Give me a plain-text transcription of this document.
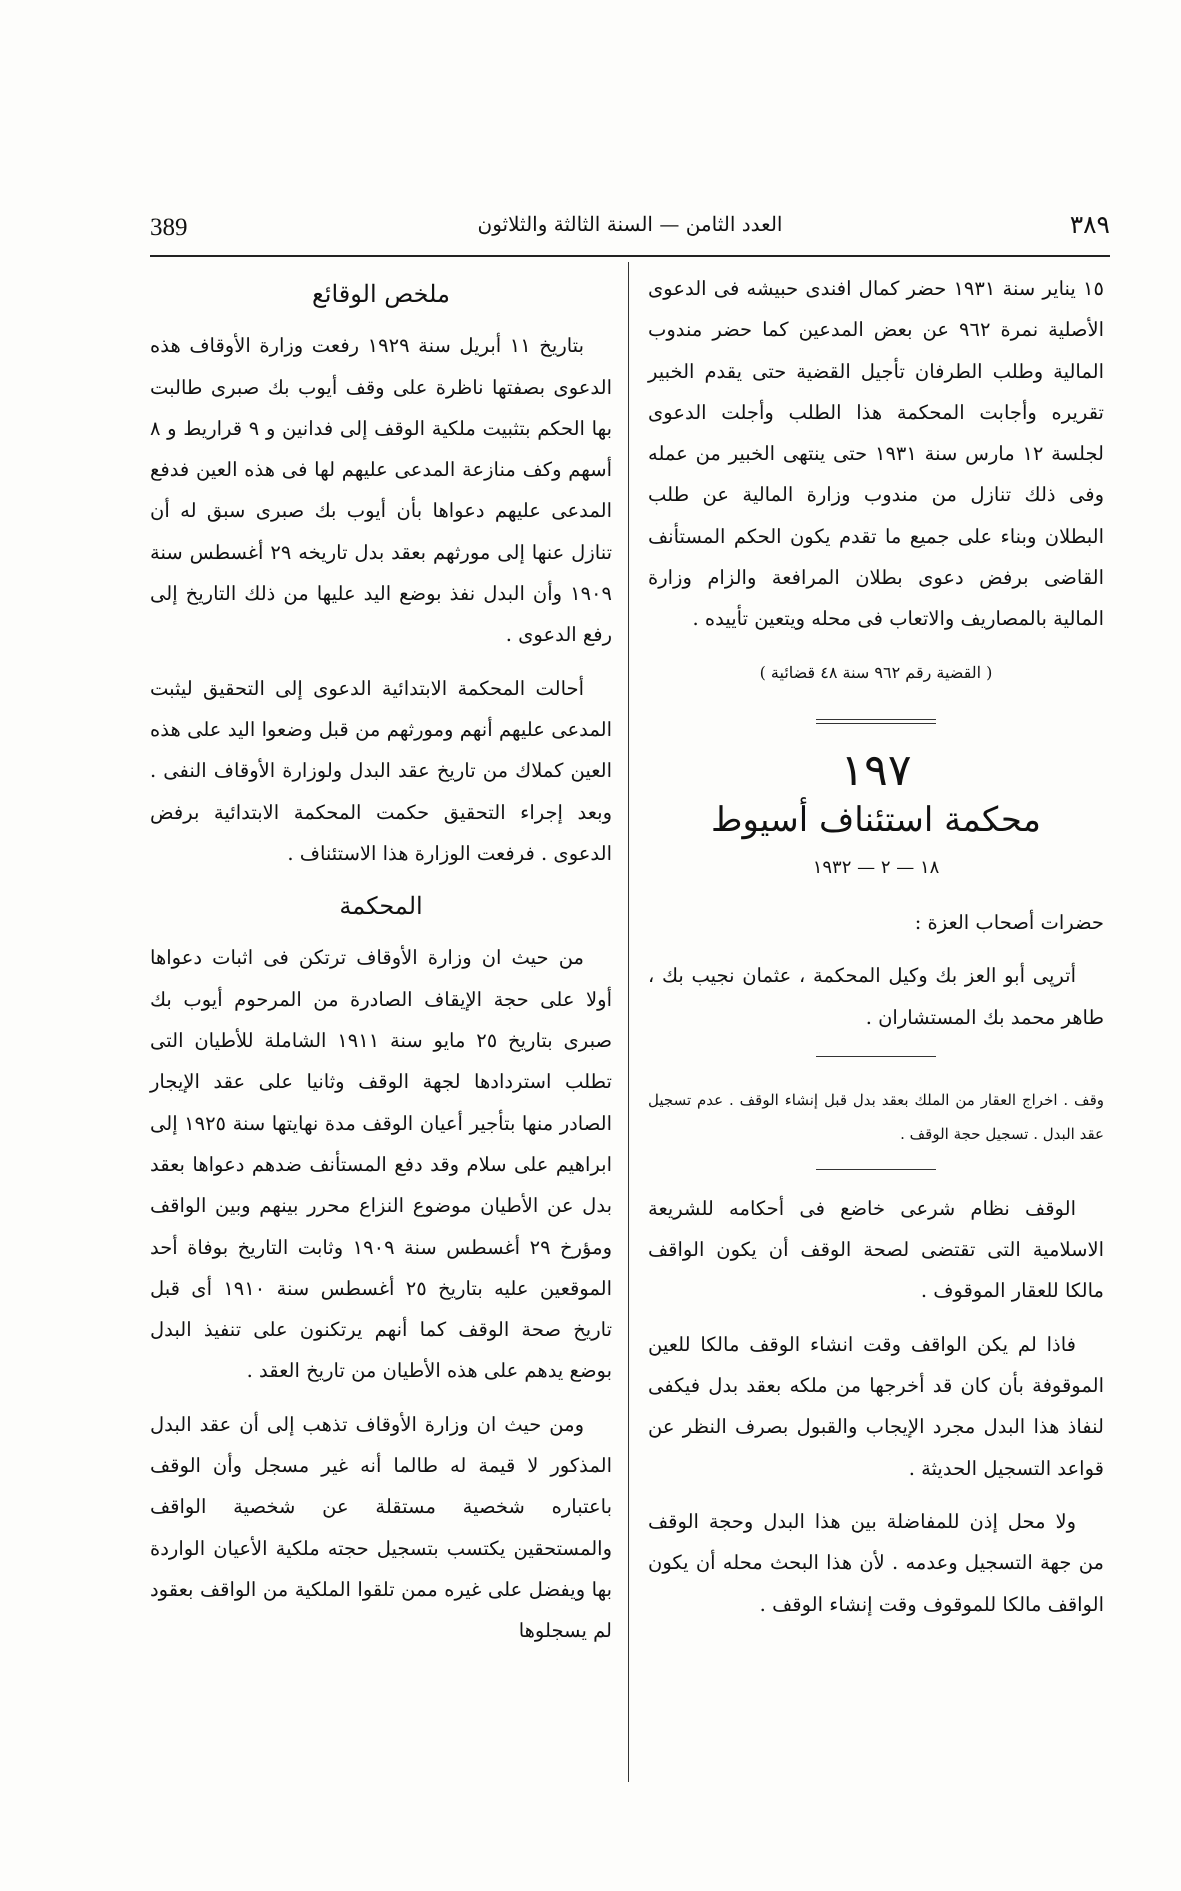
389	العدد الثامن — السنة الثالثة والثلاثون	٣٨٩

١٥ يناير سنة ١٩٣١ حضر كمال افندى حبيشه فى الدعوى الأصلية نمرة ٩٦٢ عن بعض المدعين كما حضر مندوب المالية وطلب الطرفان تأجيل القضية حتى يقدم الخبير تقريره وأجابت المحكمة هذا الطلب وأجلت الدعوى لجلسة ١٢ مارس سنة ١٩٣١ حتى ينتهى الخبير من عمله وفى ذلك تنازل من مندوب وزارة المالية عن طلب البطلان وبناء على جميع ما تقدم يكون الحكم المستأنف القاضى برفض دعوى بطلان المرافعة والزام وزارة المالية بالمصاريف والاتعاب فى محله ويتعين تأييده .

( القضية رقم ٩٦٢ سنة ٤٨ قضائية )
١٩٧
محكمة استئناف أسيوط
١٨ — ٢ — ١٩٣٢

حضرات أصحاب العزة :

أترپى أبو العز بك وكيل المحكمة ، عثمان نجيب بك ، طاهر محمد بك المستشاران .

وقف . اخراج العقار من الملك بعقد بدل قبل إنشاء الوقف . عدم تسجيل عقد البدل . تسجيل حجة الوقف .

الوقف نظام شرعى خاضع فى أحكامه للشريعة الاسلامية التى تقتضى لصحة الوقف أن يكون الواقف مالكا للعقار الموقوف .

فاذا لم يكن الواقف وقت انشاء الوقف مالكا للعين الموقوفة بأن كان قد أخرجها من ملكه بعقد بدل فيكفى لنفاذ هذا البدل مجرد الإيجاب والقبول بصرف النظر عن قواعد التسجيل الحديثة .

ولا محل إذن للمفاضلة بين هذا البدل وحجة الوقف من جهة التسجيل وعدمه . لأن هذا البحث محله أن يكون الواقف مالكا للموقوف وقت إنشاء الوقف .

ملخص الوقائع

بتاريخ ١١ أبريل سنة ١٩٢٩ رفعت وزارة الأوقاف هذه الدعوى بصفتها ناظرة على وقف أيوب بك صبرى طالبت بها الحكم بتثبيت ملكية الوقف إلى فدانين و ٩ قراريط و ٨ أسهم وكف منازعة المدعى عليهم لها فى هذه العين فدفع المدعى عليهم دعواها بأن أيوب بك صبرى سبق له أن تنازل عنها إلى مورثهم بعقد بدل تاريخه ٢٩ أغسطس سنة ١٩٠٩ وأن البدل نفذ بوضع اليد عليها من ذلك التاريخ إلى رفع الدعوى .

أحالت المحكمة الابتدائية الدعوى إلى التحقيق ليثبت المدعى عليهم أنهم ومورثهم من قبل وضعوا اليد على هذه العين كملاك من تاريخ عقد البدل ولوزارة الأوقاف النفى . وبعد إجراء التحقيق حكمت المحكمة الابتدائية برفض الدعوى . فرفعت الوزارة هذا الاستئناف .

المحكمة

من حيث ان وزارة الأوقاف ترتكن فى اثبات دعواها أولا على حجة الإيقاف الصادرة من المرحوم أيوب بك صبرى بتاريخ ٢٥ مايو سنة ١٩١١ الشاملة للأطيان التى تطلب استردادها لجهة الوقف وثانيا على عقد الإيجار الصادر منها بتأجير أعيان الوقف مدة نهايتها سنة ١٩٢٥ إلى ابراهيم على سلام وقد دفع المستأنف ضدهم دعواها بعقد بدل عن الأطيان موضوع النزاع محرر بينهم وبين الواقف ومؤرخ ٢٩ أغسطس سنة ١٩٠٩ وثابت التاريخ بوفاة أحد الموقعين عليه بتاريخ ٢٥ أغسطس سنة ١٩١٠ أى قبل تاريخ صحة الوقف كما أنهم يرتكنون على تنفيذ البدل بوضع يدهم على هذه الأطيان من تاريخ العقد .

ومن حيث ان وزارة الأوقاف تذهب إلى أن عقد البدل المذكور لا قيمة له طالما أنه غير مسجل وأن الوقف باعتباره شخصية مستقلة عن شخصية الواقف والمستحقين يكتسب بتسجيل حجته ملكية الأعيان الواردة بها ويفضل على غيره ممن تلقوا الملكية من الواقف بعقود لم يسجلوها
